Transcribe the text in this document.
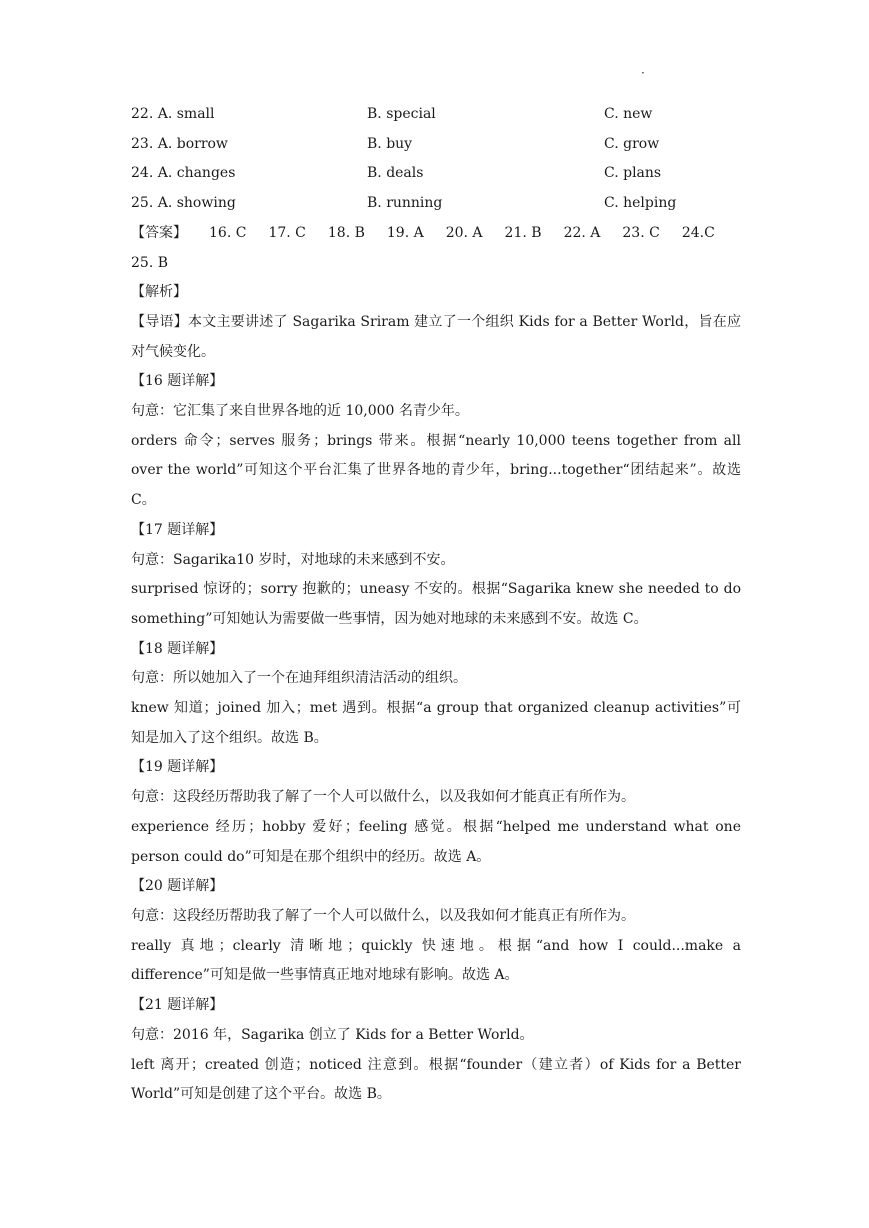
·
22. A. small	B. special	C. new
23. A. borrow	B. buy	C. grow
24. A. changes	B. deals	C. plans
25. A. showing	B. running	C. helping
【答案】	16. C 17. C 18. B 19. A 20. A 21. B 22. A 23. C 24. C
25. B
【解析】
【导语】本文主要讲述了 Sagarika Sriram 建立了一个组织 Kids for a Better World，旨在应对气候变化。
【16 题详解】
句意：它汇集了来自世界各地的近 10,000 名青少年。
orders 命令；serves 服务；brings 带来。根据“nearly 10,000 teens together from all over the world”可知这个平台汇集了世界各地的青少年，bring...together“团结起来”。故选 C。
【17 题详解】
句意：Sagarika10 岁时，对地球的未来感到不安。
surprised 惊讶的；sorry 抱歉的；uneasy 不安的。根据“Sagarika knew she needed to do something”可知她认为需要做一些事情，因为她对地球的未来感到不安。故选 C。
【18 题详解】
句意：所以她加入了一个在迪拜组织清洁活动的组织。
knew 知道；joined 加入；met 遇到。根据“a group that organized cleanup activities”可知是加入了这个组织。故选 B。
【19 题详解】
句意：这段经历帮助我了解了一个人可以做什么，以及我如何才能真正有所作为。
experience 经历；hobby 爱好；feeling 感觉。根据“helped me understand what one person could do”可知是在那个组织中的经历。故选 A。
【20 题详解】
句意：这段经历帮助我了解了一个人可以做什么，以及我如何才能真正有所作为。
really 真地；clearly 清晰地；quickly 快速地。根据“and how I could...make a difference”可知是做一些事情真正地对地球有影响。故选 A。
【21 题详解】
句意：2016 年，Sagarika 创立了 Kids for a Better World。
left 离开；created 创造；noticed 注意到。根据“founder（建立者）of Kids for a Better World”可知是创建了这个平台。故选 B。
